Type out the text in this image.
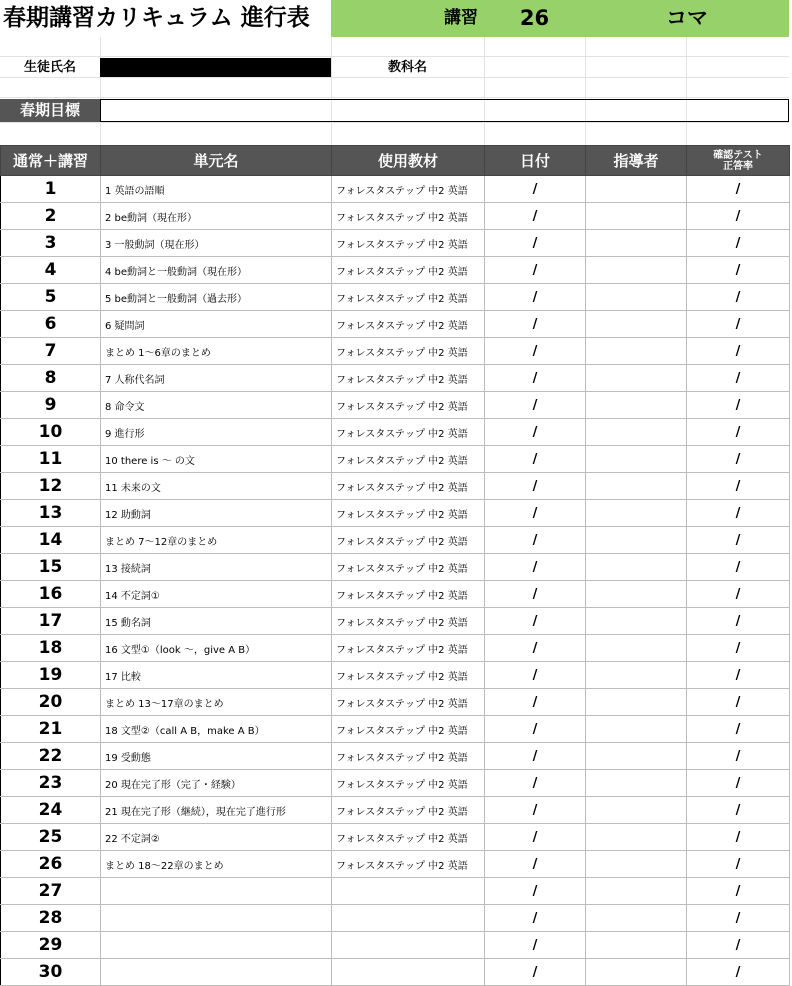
春期講習カリキュラム 進行表	講習	26	コマ
生徒氏名	教科名
春期目標
通常＋講習	単元名	使用教材	日付	指導者	確認テスト
正答率
1	1 英語の語順	フォレスタステップ 中2 英語	/		/
2	2 be動詞（現在形）	フォレスタステップ 中2 英語	/		/
3	3 一般動詞（現在形）	フォレスタステップ 中2 英語	/		/
4	4 be動詞と一般動詞（現在形）	フォレスタステップ 中2 英語	/		/
5	5 be動詞と一般動詞（過去形）	フォレスタステップ 中2 英語	/		/
6	6 疑問詞	フォレスタステップ 中2 英語	/		/
7	まとめ 1〜6章のまとめ	フォレスタステップ 中2 英語	/		/
8	7 人称代名詞	フォレスタステップ 中2 英語	/		/
9	8 命令文	フォレスタステップ 中2 英語	/		/
10	9 進行形	フォレスタステップ 中2 英語	/		/
11	10 there is 〜 の文	フォレスタステップ 中2 英語	/		/
12	11 未来の文	フォレスタステップ 中2 英語	/		/
13	12 助動詞	フォレスタステップ 中2 英語	/		/
14	まとめ 7〜12章のまとめ	フォレスタステップ 中2 英語	/		/
15	13 接続詞	フォレスタステップ 中2 英語	/		/
16	14 不定詞①	フォレスタステップ 中2 英語	/		/
17	15 動名詞	フォレスタステップ 中2 英語	/		/
18	16 文型①（look 〜，give A B）	フォレスタステップ 中2 英語	/		/
19	17 比較	フォレスタステップ 中2 英語	/		/
20	まとめ 13〜17章のまとめ	フォレスタステップ 中2 英語	/		/
21	18 文型②（call A B，make A B）	フォレスタステップ 中2 英語	/		/
22	19 受動態	フォレスタステップ 中2 英語	/		/
23	20 現在完了形（完了・経験）	フォレスタステップ 中2 英語	/		/
24	21 現在完了形（継続），現在完了進行形	フォレスタステップ 中2 英語	/		/
25	22 不定詞②	フォレスタステップ 中2 英語	/		/
26	まとめ 18〜22章のまとめ	フォレスタステップ 中2 英語	/		/
27			/		/
28			/		/
29			/		/
30			/		/
